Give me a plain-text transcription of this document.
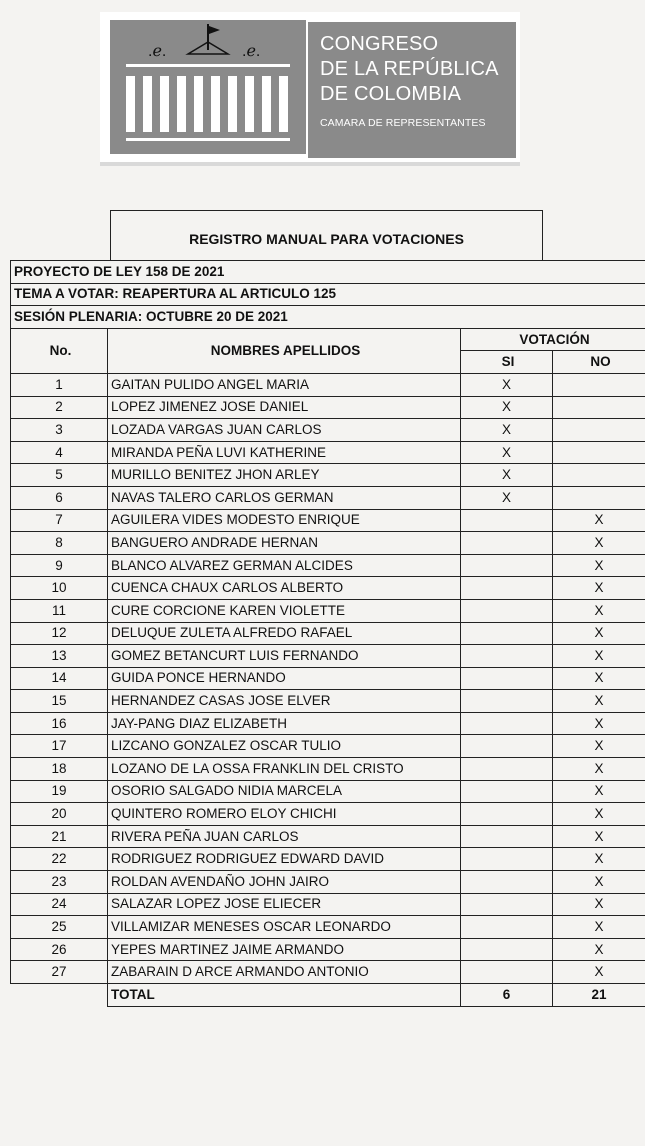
.ℯ.	.ℯ.	CONGRESO
DE LA REPÚBLICA
DE COLOMBIA
CAMARA DE REPRESENTANTES
REGISTRO MANUAL PARA VOTACIONES
PROYECTO DE LEY 158 DE 2021			
TEMA A VOTAR: REAPERTURA AL ARTICULO 125			
SESIÓN PLENARIA: OCTUBRE 20 DE 2021			
No.	NOMBRES APELLIDOS	VOTACIÓN	
		SI	NO
1	GAITAN PULIDO ANGEL MARIA	X	
2	LOPEZ JIMENEZ JOSE DANIEL	X	
3	LOZADA VARGAS JUAN CARLOS	X	
4	MIRANDA PEÑA LUVI KATHERINE	X	
5	MURILLO BENITEZ JHON ARLEY	X	
6	NAVAS TALERO CARLOS GERMAN	X	
7	AGUILERA VIDES MODESTO ENRIQUE		X
8	BANGUERO ANDRADE HERNAN		X
9	BLANCO ALVAREZ GERMAN ALCIDES		X
10	CUENCA CHAUX CARLOS ALBERTO		X
11	CURE CORCIONE KAREN VIOLETTE		X
12	DELUQUE ZULETA ALFREDO RAFAEL		X
13	GOMEZ BETANCURT LUIS FERNANDO		X
14	GUIDA PONCE HERNANDO		X
15	HERNANDEZ CASAS JOSE ELVER		X
16	JAY-PANG DIAZ ELIZABETH		X
17	LIZCANO GONZALEZ OSCAR TULIO		X
18	LOZANO DE LA OSSA FRANKLIN DEL CRISTO		X
19	OSORIO SALGADO NIDIA MARCELA		X
20	QUINTERO ROMERO ELOY CHICHI		X
21	RIVERA PEÑA JUAN CARLOS		X
22	RODRIGUEZ RODRIGUEZ EDWARD DAVID		X
23	ROLDAN AVENDAÑO JOHN JAIRO		X
24	SALAZAR LOPEZ JOSE ELIECER		X
25	VILLAMIZAR MENESES OSCAR LEONARDO		X
26	YEPES MARTINEZ JAIME ARMANDO		X
27	ZABARAIN D ARCE ARMANDO ANTONIO		X
	TOTAL	6	21
